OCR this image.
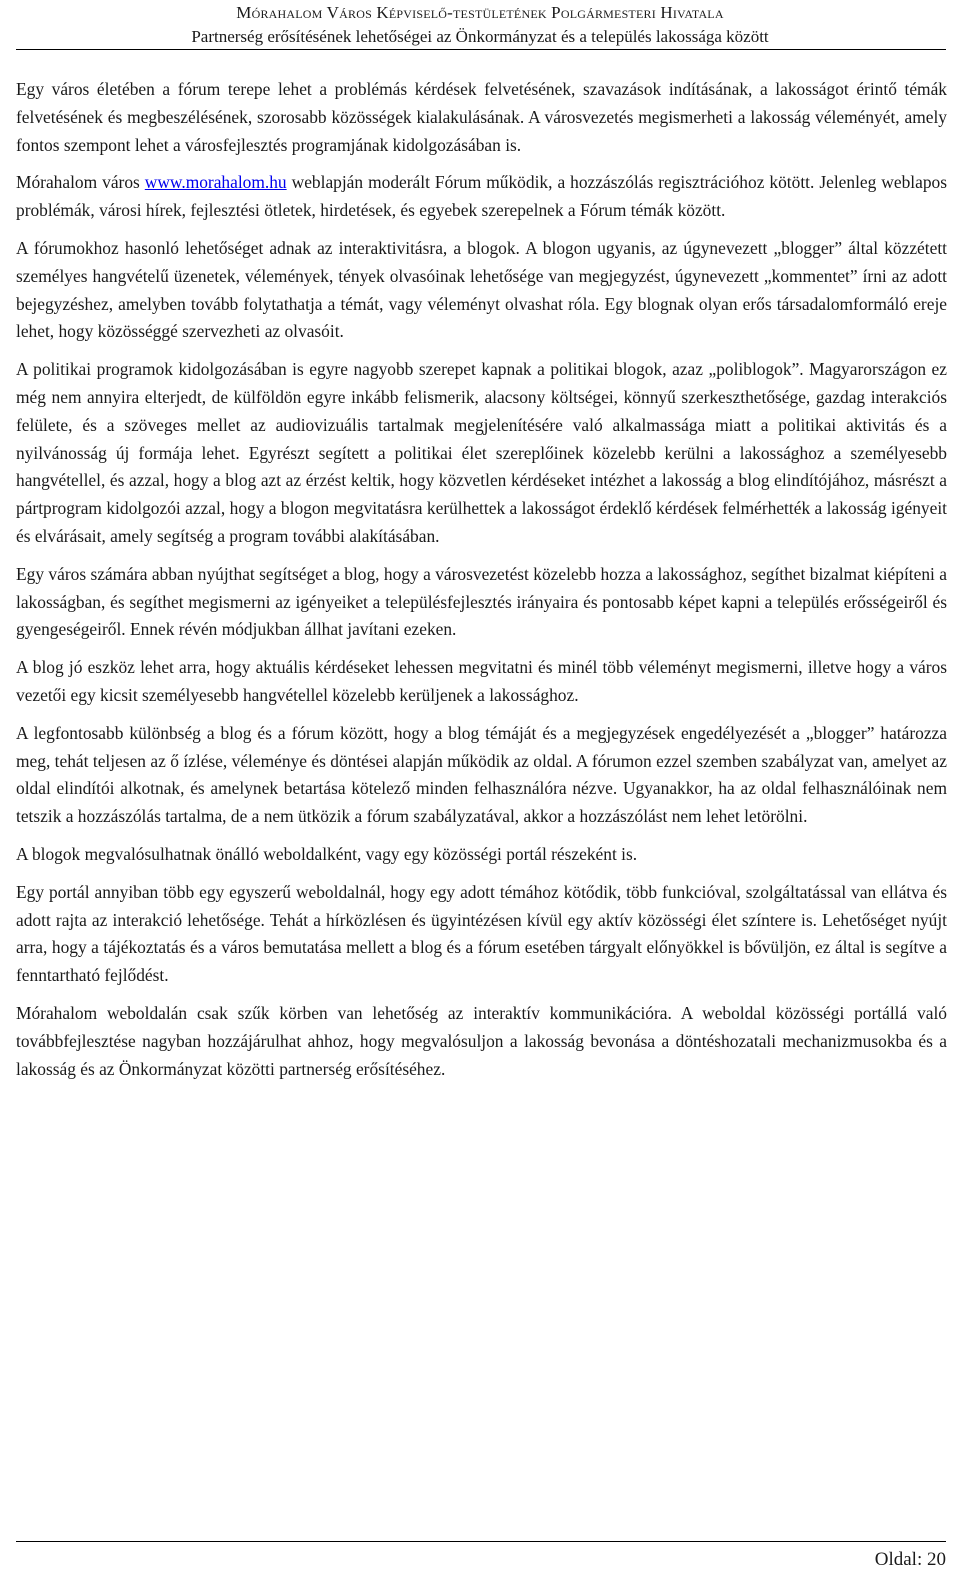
Mórahalom Város Képviselő-testületének Polgármesteri Hivatala
Partnerség erősítésének lehetőségei az Önkormányzat és a település lakossága között

Egy város életében a fórum terepe lehet a problémás kérdések felvetésének, szavazások indításának, a lakosságot érintő témák felvetésének és megbeszélésének, szorosabb közösségek kialakulásának. A városvezetés megismerheti a lakosság véleményét, amely fontos szempont lehet a városfejlesztés programjának kidolgozásában is.

Mórahalom város www.morahalom.hu weblapján moderált Fórum működik, a hozzászólás regisztrációhoz kötött. Jelenleg weblapos problémák, városi hírek, fejlesztési ötletek, hirdetések, és egyebek szerepelnek a Fórum témák között.

A fórumokhoz hasonló lehetőséget adnak az interaktivitásra, a blogok. A blogon ugyanis, az úgynevezett „blogger” által közzétett személyes hangvételű üzenetek, vélemények, tények olvasóinak lehetősége van megjegyzést, úgynevezett „kommentet” írni az adott bejegyzéshez, amelyben tovább folytathatja a témát, vagy véleményt olvashat róla. Egy blognak olyan erős társadalomformáló ereje lehet, hogy közösséggé szervezheti az olvasóit.

A politikai programok kidolgozásában is egyre nagyobb szerepet kapnak a politikai blogok, azaz „poliblogok”. Magyarországon ez még nem annyira elterjedt, de külföldön egyre inkább felismerik, alacsony költségei, könnyű szerkeszthetősége, gazdag interakciós felülete, és a szöveges mellet az audiovizuális tartalmak megjelenítésére való alkalmassága miatt a politikai aktivitás és a nyilvánosság új formája lehet. Egyrészt segített a politikai élet szereplőinek közelebb kerülni a lakossághoz a személyesebb hangvétellel, és azzal, hogy a blog azt az érzést keltik, hogy közvetlen kérdéseket intézhet a lakosság a blog elindítójához, másrészt a pártprogram kidolgozói azzal, hogy a blogon megvitatásra kerülhettek a lakosságot érdeklő kérdések felmérhették a lakosság igényeit és elvárásait, amely segítség a program további alakításában.

Egy város számára abban nyújthat segítséget a blog, hogy a városvezetést közelebb hozza a lakossághoz, segíthet bizalmat kiépíteni a lakosságban, és segíthet megismerni az igényeiket a településfejlesztés irányaira és pontosabb képet kapni a település erősségeiről és gyengeségeiről. Ennek révén módjukban állhat javítani ezeken.

A blog jó eszköz lehet arra, hogy aktuális kérdéseket lehessen megvitatni és minél több véleményt megismerni, illetve hogy a város vezetői egy kicsit személyesebb hangvétellel közelebb kerüljenek a lakossághoz.

A legfontosabb különbség a blog és a fórum között, hogy a blog témáját és a megjegyzések engedélyezését a „blogger” határozza meg, tehát teljesen az ő ízlése, véleménye és döntései alapján működik az oldal. A fórumon ezzel szemben szabályzat van, amelyet az oldal elindítói alkotnak, és amelynek betartása kötelező minden felhasználóra nézve. Ugyanakkor, ha az oldal felhasználóinak nem tetszik a hozzászólás tartalma, de a nem ütközik a fórum szabályzatával, akkor a hozzászólást nem lehet letörölni.

A blogok megvalósulhatnak önálló weboldalként, vagy egy közösségi portál részeként is.

Egy portál annyiban több egy egyszerű weboldalnál, hogy egy adott témához kötődik, több funkcióval, szolgáltatással van ellátva és adott rajta az interakció lehetősége. Tehát a hírközlésen és ügyintézésen kívül egy aktív közösségi élet színtere is. Lehetőséget nyújt arra, hogy a tájékoztatás és a város bemutatása mellett a blog és a fórum esetében tárgyalt előnyökkel is bővüljön, ez által is segítve a fenntartható fejlődést.

Mórahalom weboldalán csak szűk körben van lehetőség az interaktív kommunikációra. A weboldal közösségi portállá való továbbfejlesztése nagyban hozzájárulhat ahhoz, hogy megvalósuljon a lakosság bevonása a döntéshozatali mechanizmusokba és a lakosság és az Önkormányzat közötti partnerség erősítéséhez.

Oldal: 20
